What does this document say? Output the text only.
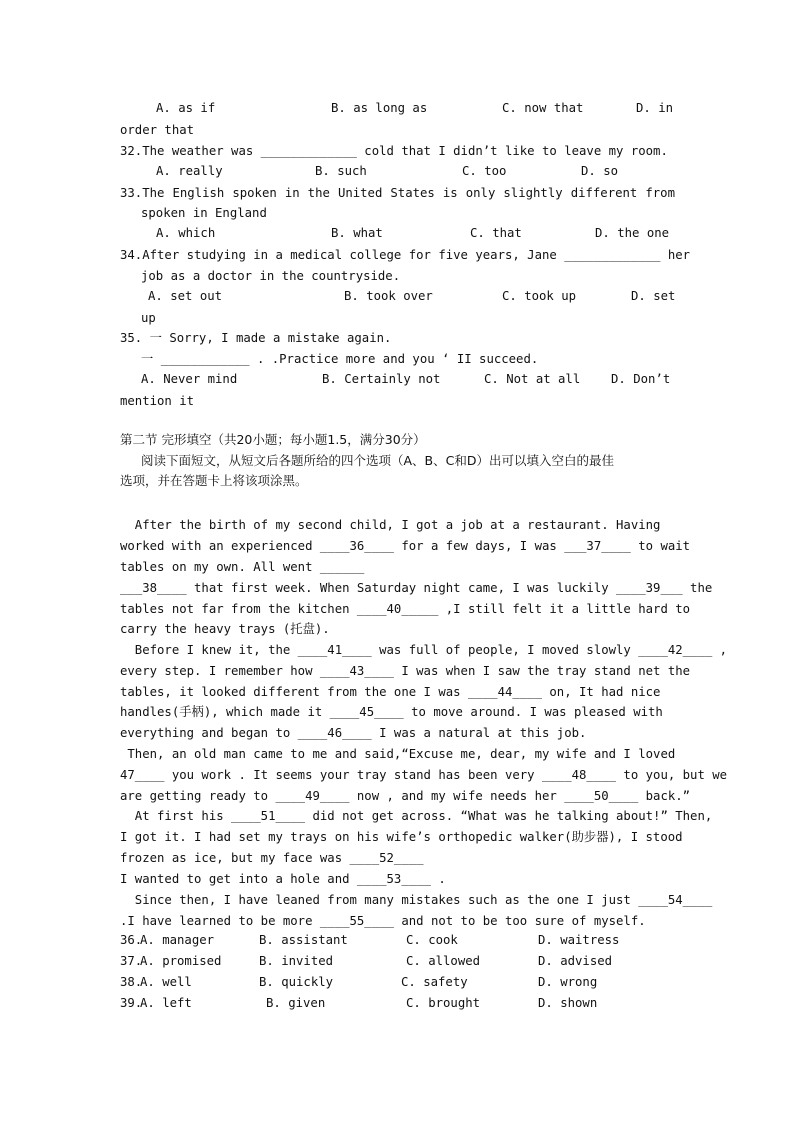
A. as if	B. as long as	C. now that	D. in
order that
32.The weather was _____________ cold that I didn’t like to leave my room.
A. really	B. such	C. too	D. so
33.The English spoken in the United States is only slightly different from
spoken in England
A. which	B. what	C. that	D. the one
34.After studying in a medical college for five years, Jane _____________ her
job as a doctor in the countryside.
A. set out	B. took over	C. took up	D. set
up
35. 一 Sorry, I made a mistake again.
一 ____________ . .Practice more and you ‘ II succeed.
A. Never mind	B. Certainly not	C. Not at all	D. Don’t
mention it
第二节 完形填空（共20小题；每小题1.5，满分30分）
阅读下面短文，从短文后各题所给的四个选项（A、B、C和D）出可以填入空白的最佳
选项，并在答题卡上将该项涂黑。
After the birth of my second child, I got a job at a restaurant. Having
worked with an experienced ____36____ for a few days, I was ___37____ to wait
tables on my own. All went ______
___38____ that first week. When Saturday night came, I was luckily ____39___ the
tables not far from the kitchen ____40_____ ,I still felt it a little hard to
carry the heavy trays (托盘).
Before I knew it, the ____41____ was full of people, I moved slowly ____42____ ,
every step. I remember how ____43____ I was when I saw the tray stand net the
tables, it looked different from the one I was ____44____ on, It had nice
handles(手柄), which made it ____45____ to move around. I was pleased with
everything and began to ____46____ I was a natural at this job.
Then, an old man came to me and said,“Excuse me, dear, my wife and I loved
47____ you work . It seems your tray stand has been very ____48____ to you, but we
are getting ready to ____49____ now , and my wife needs her ____50____ back.”
At first his ____51____ did not get across. “What was he talking about!” Then,
I got it. I had set my trays on his wife’s orthopedic walker(助步器), I stood
frozen as ice, but my face was ____52____
I wanted to get into a hole and ____53____ .
Since then, I have leaned from many mistakes such as the one I just ____54____
.I have learned to be more ____55____ and not to be too sure of myself.
36.
A. manager	B. assistant	C. cook	D. waitress
37.
A. promised	B. invited	C. allowed	D. advised
38.
A. well	B. quickly	C. safety	D. wrong
39.
A. left	B. given	C. brought	D. shown
